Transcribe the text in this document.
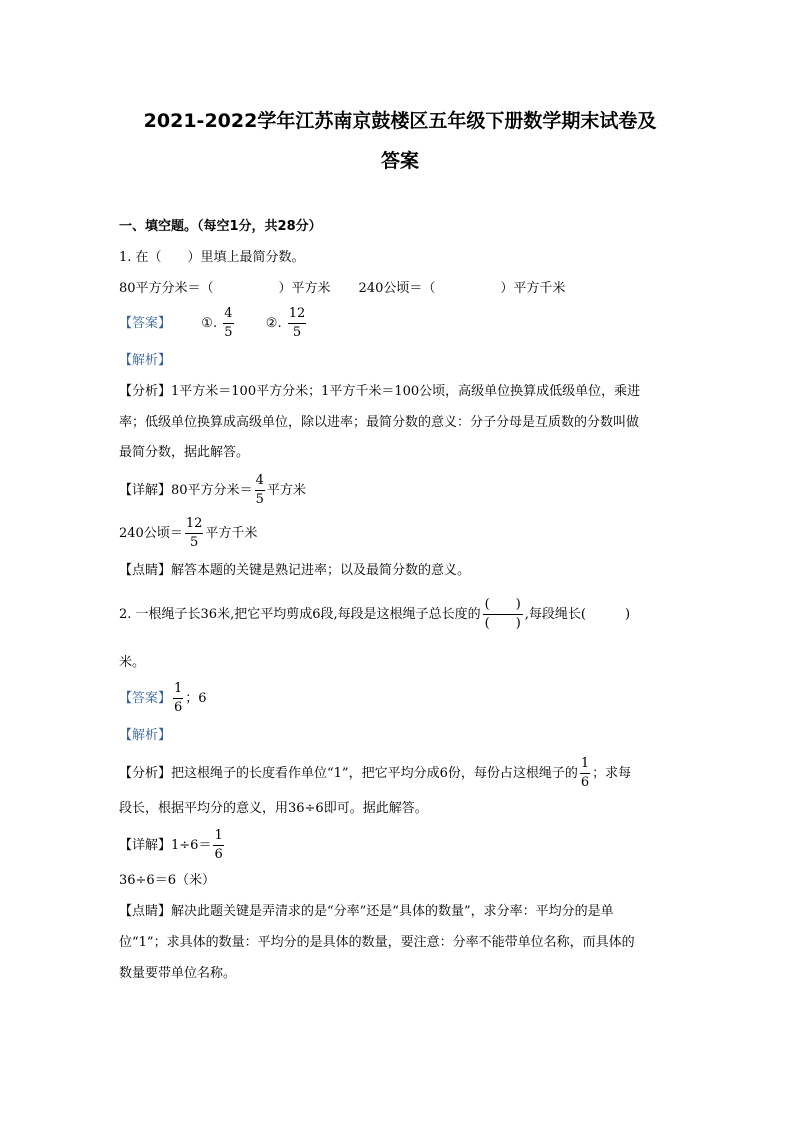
2021-2022学年江苏南京鼓楼区五年级下册数学期末试卷及
答案
一、填空题。（每空1分，共28分）
1. 在（　　）里填上最简分数。
80平方分米＝（　　　　　）平方米 240公顷＝（　　　　　）平方千米
【答案】 ①. $\frac{4}{5}$ ②. $\frac{12}{5}$
【解析】
【分析】1平方米＝100平方分米；1平方千米＝100公顷，高级单位换算成低级单位，乘进
率；低级单位换算成高级单位，除以进率；最简分数的意义：分子分母是互质数的分数叫做
最简分数，据此解答。
【详解】80平方分米＝ $\frac{4}{5}$ 平方米
240公顷＝ $\frac{12}{5}$ 平方千米
【点睛】解答本题的关键是熟记进率；以及最简分数的意义。
2. 一根绳子长36米,把它平均剪成6段,每段是这根绳子总长度的 $\frac{( )}{( )}$ ,每段绳长(　　　)
米。
【答案】 $\frac{1}{6}$ ；6
【解析】
【分析】把这根绳子的长度看作单位“1”，把它平均分成6份，每份占这根绳子的 $\frac{1}{6}$ ；求每
段长，根据平均分的意义，用36÷6即可。据此解答。
【详解】$1\div 6= \frac{1}{6}$
36÷6＝6（米）
【点睛】解决此题关键是弄清求的是“分率”还是“具体的数量”，求分率：平均分的是单
位“1”；求具体的数量：平均分的是具体的数量，要注意：分率不能带单位名称，而具体的
数量要带单位名称。
